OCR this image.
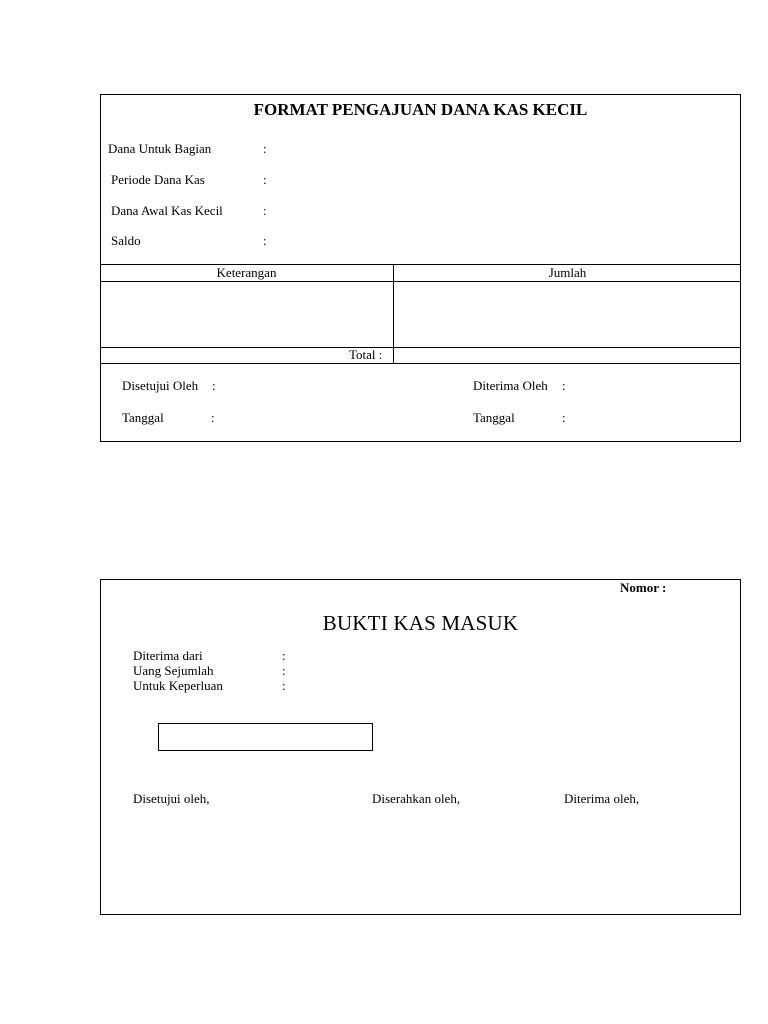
FORMAT PENGAJUAN DANA KAS KECIL
Dana Untuk Bagian	:
Periode Dana Kas	:
Dana Awal Kas Kecil	:
Saldo	:
Keterangan	Jumlah
Total :
Disetujui Oleh :
Tanggal	:
Diterima Oleh :
Tanggal	:
Nomor :
BUKTI KAS MASUK
Diterima dari	:
Uang Sejumlah	:
Untuk Keperluan	:
Disetujui oleh,	Diserahkan oleh,	Diterima oleh,
